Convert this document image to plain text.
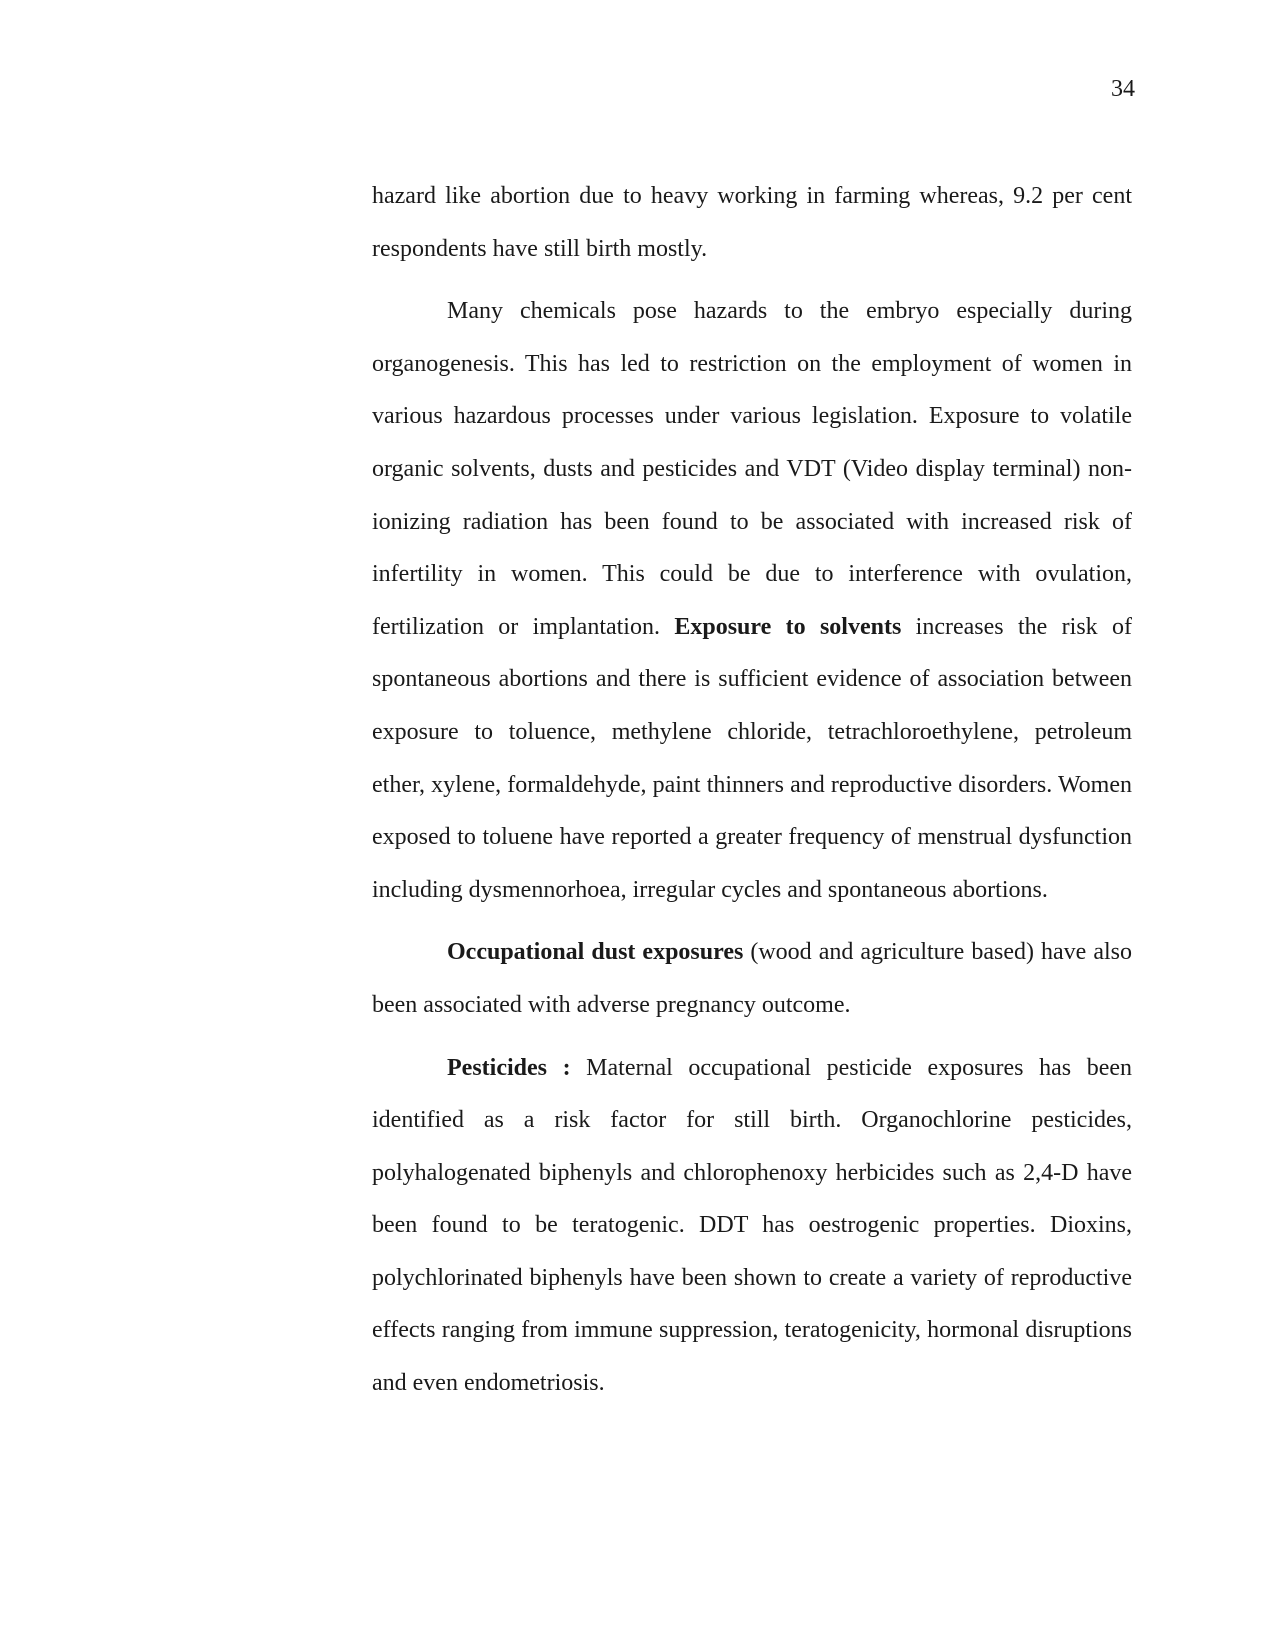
34

hazard like abortion due to heavy working in farming whereas, 9.2 per cent respondents have still birth mostly.

Many chemicals pose hazards to the embryo especially during organogenesis. This has led to restriction on the employment of women in various hazardous processes under various legislation. Exposure to volatile organic solvents, dusts and pesticides and VDT (Video display terminal) non-ionizing radiation has been found to be associated with increased risk of infertility in women. This could be due to interference with ovulation, fertilization or implantation. Exposure to solvents increases the risk of spontaneous abortions and there is sufficient evidence of association between exposure to toluence, methylene chloride, tetrachloroethylene, petroleum ether, xylene, formaldehyde, paint thinners and reproductive disorders. Women exposed to toluene have reported a greater frequency of menstrual dysfunction including dysmennorhoea, irregular cycles and spontaneous abortions.

Occupational dust exposures (wood and agriculture based) have also been associated with adverse pregnancy outcome.

Pesticides : Maternal occupational pesticide exposures has been identified as a risk factor for still birth. Organochlorine pesticides, polyhalogenated biphenyls and chlorophenoxy herbicides such as 2,4-D have been found to be teratogenic. DDT has oestrogenic properties. Dioxins, polychlorinated biphenyls have been shown to create a variety of reproductive effects ranging from immune suppression, teratogenicity, hormonal disruptions and even endometriosis.
